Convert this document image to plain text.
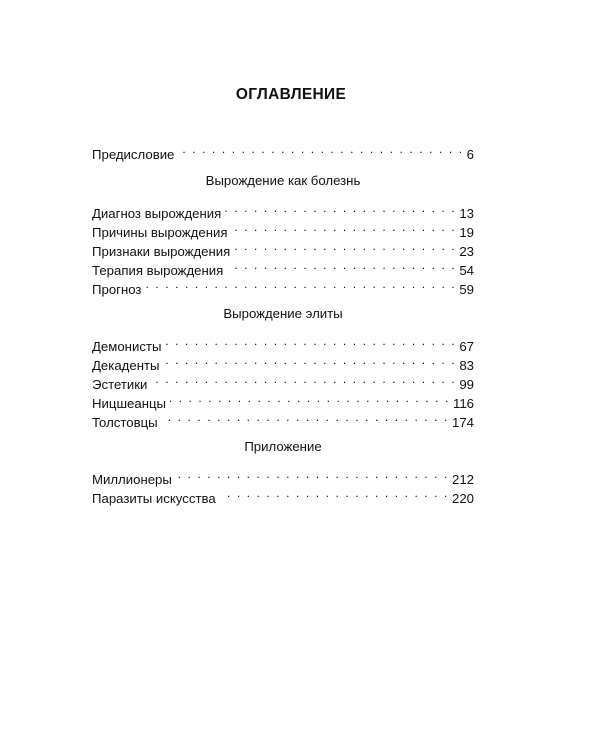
ОГЛАВЛЕНИЕ
Предисловие . . .	6
Вырождение как болезнь
Диагноз вырождения . . .	13
Причины вырождения . . .	19
Признаки вырождения . . .	23
Терапия вырождения . . .	54
Прогноз . . .	59
Вырождение элиты
Демонисты . . .	67
Декаденты . . .	83
Эстетики . . .	99
Ницшеанцы . . .	116
Толстовцы . . .	174
Приложение
Миллионеры . . .	212
Паразиты искусства . . .	220
